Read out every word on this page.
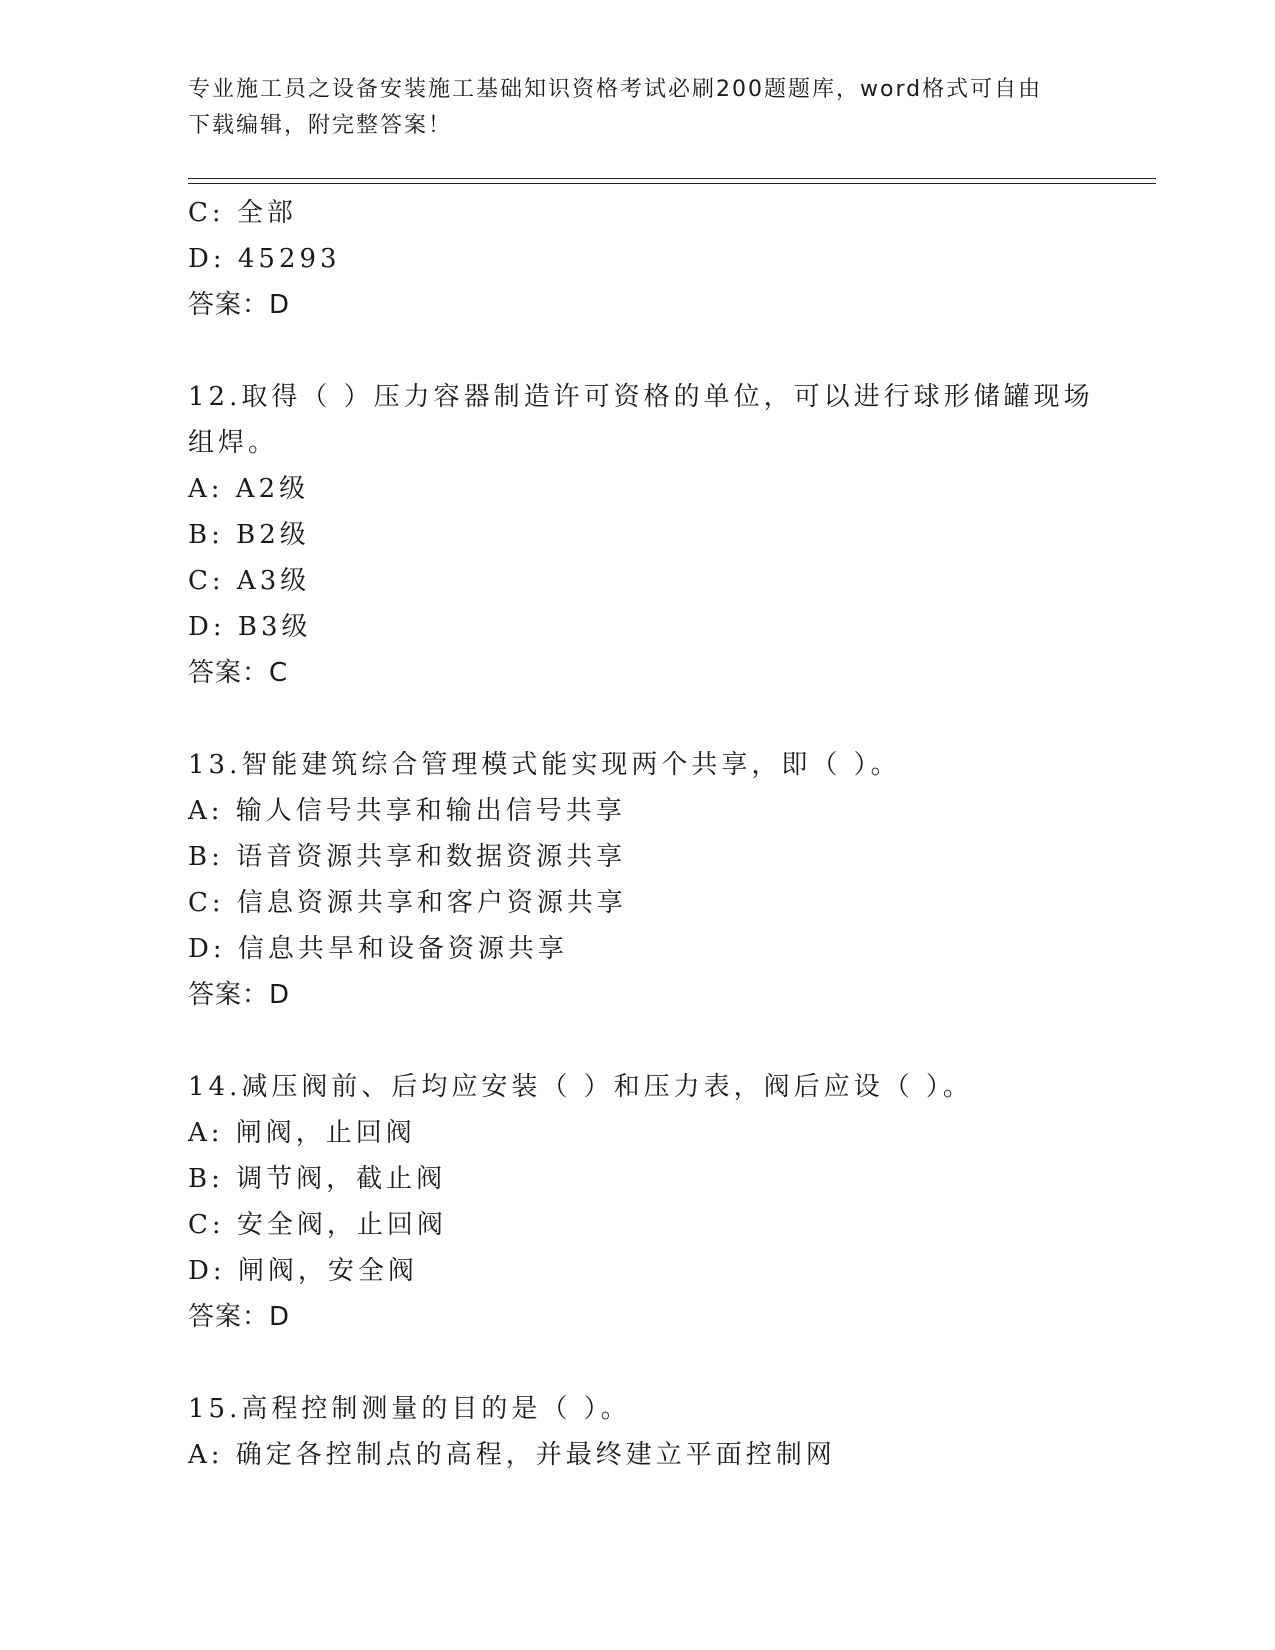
专业施工员之设备安装施工基础知识资格考试必刷200题题库，word格式可自由
下载编辑，附完整答案！
C: 全部
D: 45293
答案：D
12.取得（ ）压力容器制造许可资格的单位，可以进行球形储罐现场
组焊。
A: A2级
B: B2级
C: A3级
D: B3级
答案：C
13.智能建筑综合管理模式能实现两个共享，即（ ）。
A: 输人信号共享和输出信号共享
B: 语音资源共享和数据资源共享
C: 信息资源共享和客户资源共享
D: 信息共旱和设备资源共享
答案：D
14.减压阀前、后均应安装（ ）和压力表，阀后应设（ ）。
A: 闸阀，止回阀
B: 调节阀，截止阀
C: 安全阀，止回阀
D: 闸阀，安全阀
答案：D
15.高程控制测量的目的是（ ）。
A: 确定各控制点的高程，并最终建立平面控制网
